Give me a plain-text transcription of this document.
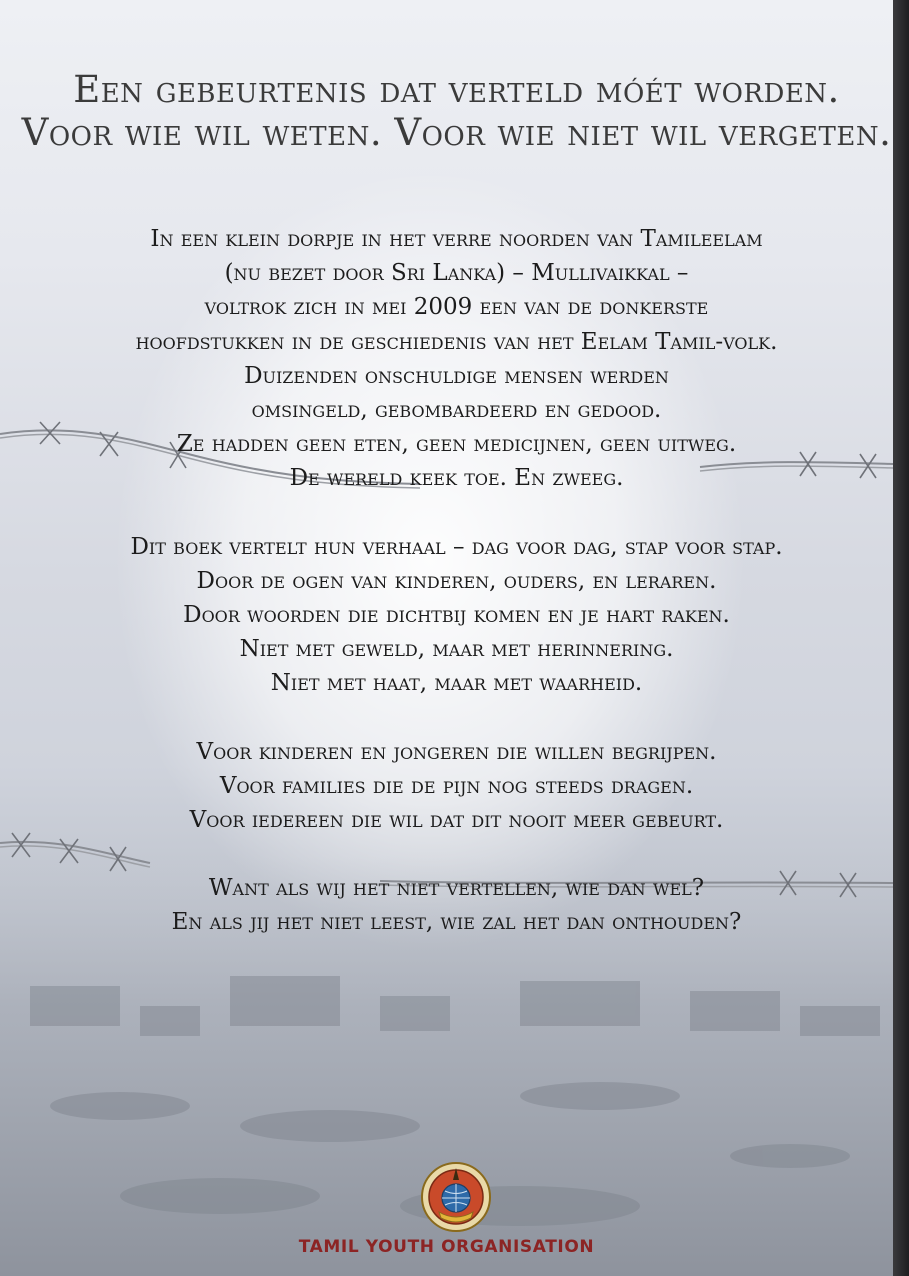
Een gebeurtenis dat verteld móét worden.
Voor wie wil weten. Voor wie niet wil vergeten.

In een klein dorpje in het verre noorden van Tamileelam
(nu bezet door Sri Lanka) – Mullivaikkal –
voltrok zich in mei 2009 een van de donkerste
hoofdstukken in de geschiedenis van het Eelam Tamil-volk.
Duizenden onschuldige mensen werden
omsingeld, gebombardeerd en gedood.
Ze hadden geen eten, geen medicijnen, geen uitweg.
De wereld keek toe. En zweeg.

Dit boek vertelt hun verhaal – dag voor dag, stap voor stap.
Door de ogen van kinderen, ouders, en leraren.
Door woorden die dichtbij komen en je hart raken.
Niet met geweld, maar met herinnering.
Niet met haat, maar met waarheid.

Voor kinderen en jongeren die willen begrijpen.
Voor families die de pijn nog steeds dragen.
Voor iedereen die wil dat dit nooit meer gebeurt.

Want als wij het niet vertellen, wie dan wel?
En als jij het niet leest, wie zal het dan onthouden?

TAMIL YOUTH ORGANISATION
